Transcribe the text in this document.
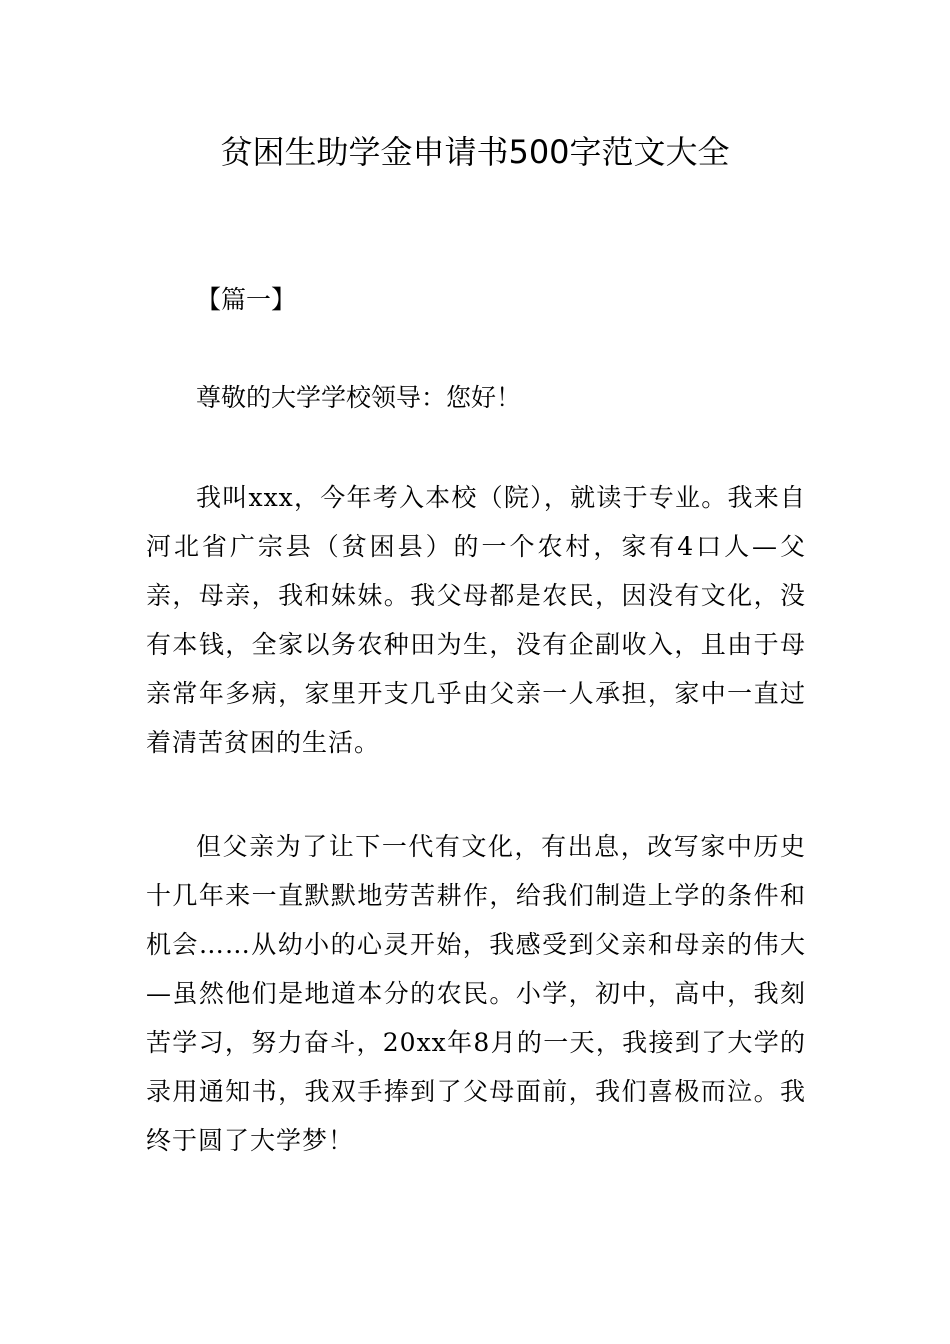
贫困生助学金申请书500字范文大全
【篇一】
尊敬的大学学校领导：您好！

我叫xxx，今年考入本校（院），就读于专业。我来自河北省广宗县（贫困县）的一个农村，家有4口人—父亲，母亲，我和妹妹。我父母都是农民，因没有文化，没有本钱，全家以务农种田为生，没有企副收入，且由于母亲常年多病，家里开支几乎由父亲一人承担，家中一直过着清苦贫困的生活。

但父亲为了让下一代有文化，有出息，改写家中历史十几年来一直默默地劳苦耕作，给我们制造上学的条件和机会……从幼小的心灵开始，我感受到父亲和母亲的伟大—虽然他们是地道本分的农民。小学，初中，高中，我刻苦学习，努力奋斗，20xx年8月的一天，我接到了大学的录用通知书，我双手捧到了父母面前，我们喜极而泣。我终于圆了大学梦！
